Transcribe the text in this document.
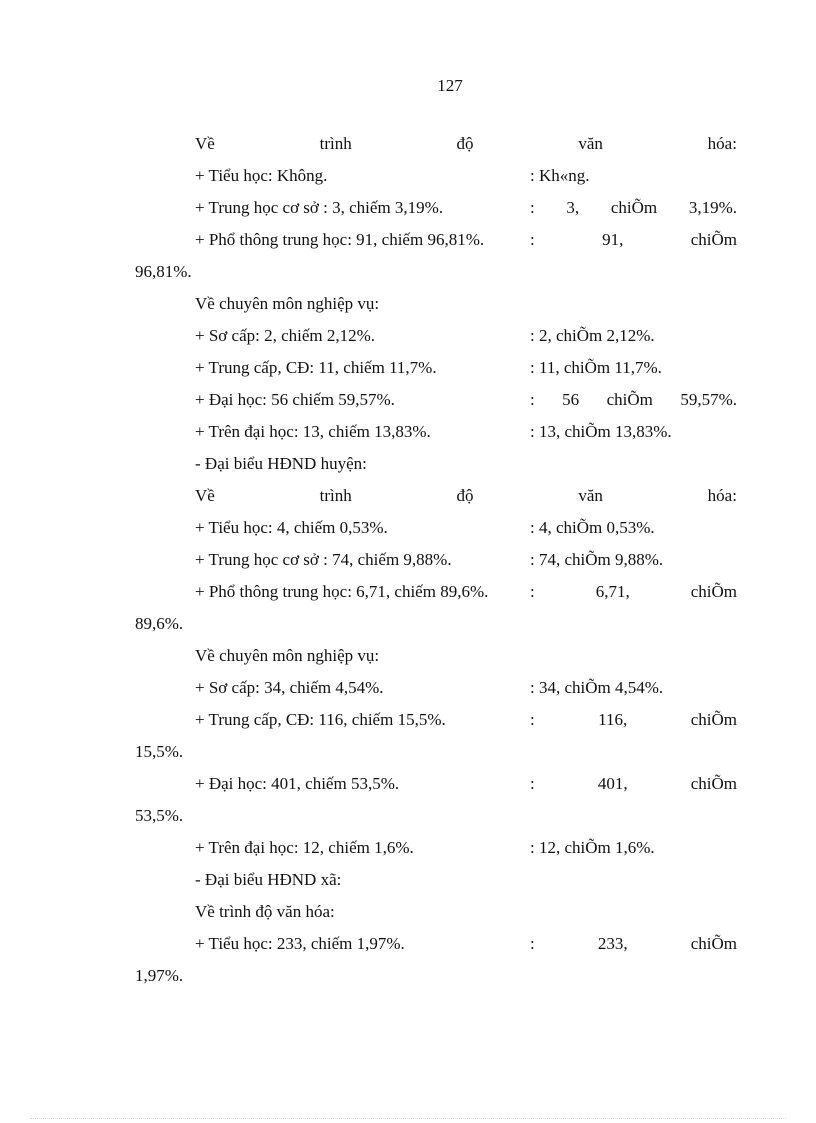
127
Về	trình	độ	văn	hóa:
+ Tiểu học: Không.	: Kh«ng.
+ Trung học cơ sở : 3, chiếm 3,19%.	: 3, chiÕm 3,19%.
+ Phổ thông trung học: 91, chiếm 96,81%.	:	91,	chiÕm
96,81%.
Về chuyên môn nghiệp vụ:
+ Sơ cấp: 2, chiếm 2,12%.	: 2, chiÕm 2,12%.
+ Trung cấp, CĐ: 11, chiếm 11,7%.	: 11, chiÕm 11,7%.
+ Đại học: 56 chiếm 59,57%.	: 56 chiÕm 59,57%.
+ Trên đại học: 13, chiếm 13,83%.	: 13, chiÕm 13,83%.
- Đại biểu HĐND huyện:
Về	trình	độ	văn	hóa:
+ Tiểu học: 4, chiếm 0,53%.	: 4, chiÕm 0,53%.
+ Trung học cơ sở : 74, chiếm 9,88%.	: 74, chiÕm 9,88%.
+ Phổ thông trung học: 6,71, chiếm 89,6%. :	6,71,	chiÕm
89,6%.
Về chuyên môn nghiệp vụ:
+ Sơ cấp: 34, chiếm 4,54%.	: 34, chiÕm 4,54%.
+ Trung cấp, CĐ: 116, chiếm 15,5%.	:	116,	chiÕm
15,5%.
+ Đại học: 401, chiếm 53,5%.	:	401,	chiÕm
53,5%.
+ Trên đại học: 12, chiếm 1,6%.	: 12, chiÕm 1,6%.
- Đại biểu HĐND xã:
Về trình độ văn hóa:
+ Tiểu học: 233, chiếm 1,97%.	:	233,	chiÕm
1,97%.
